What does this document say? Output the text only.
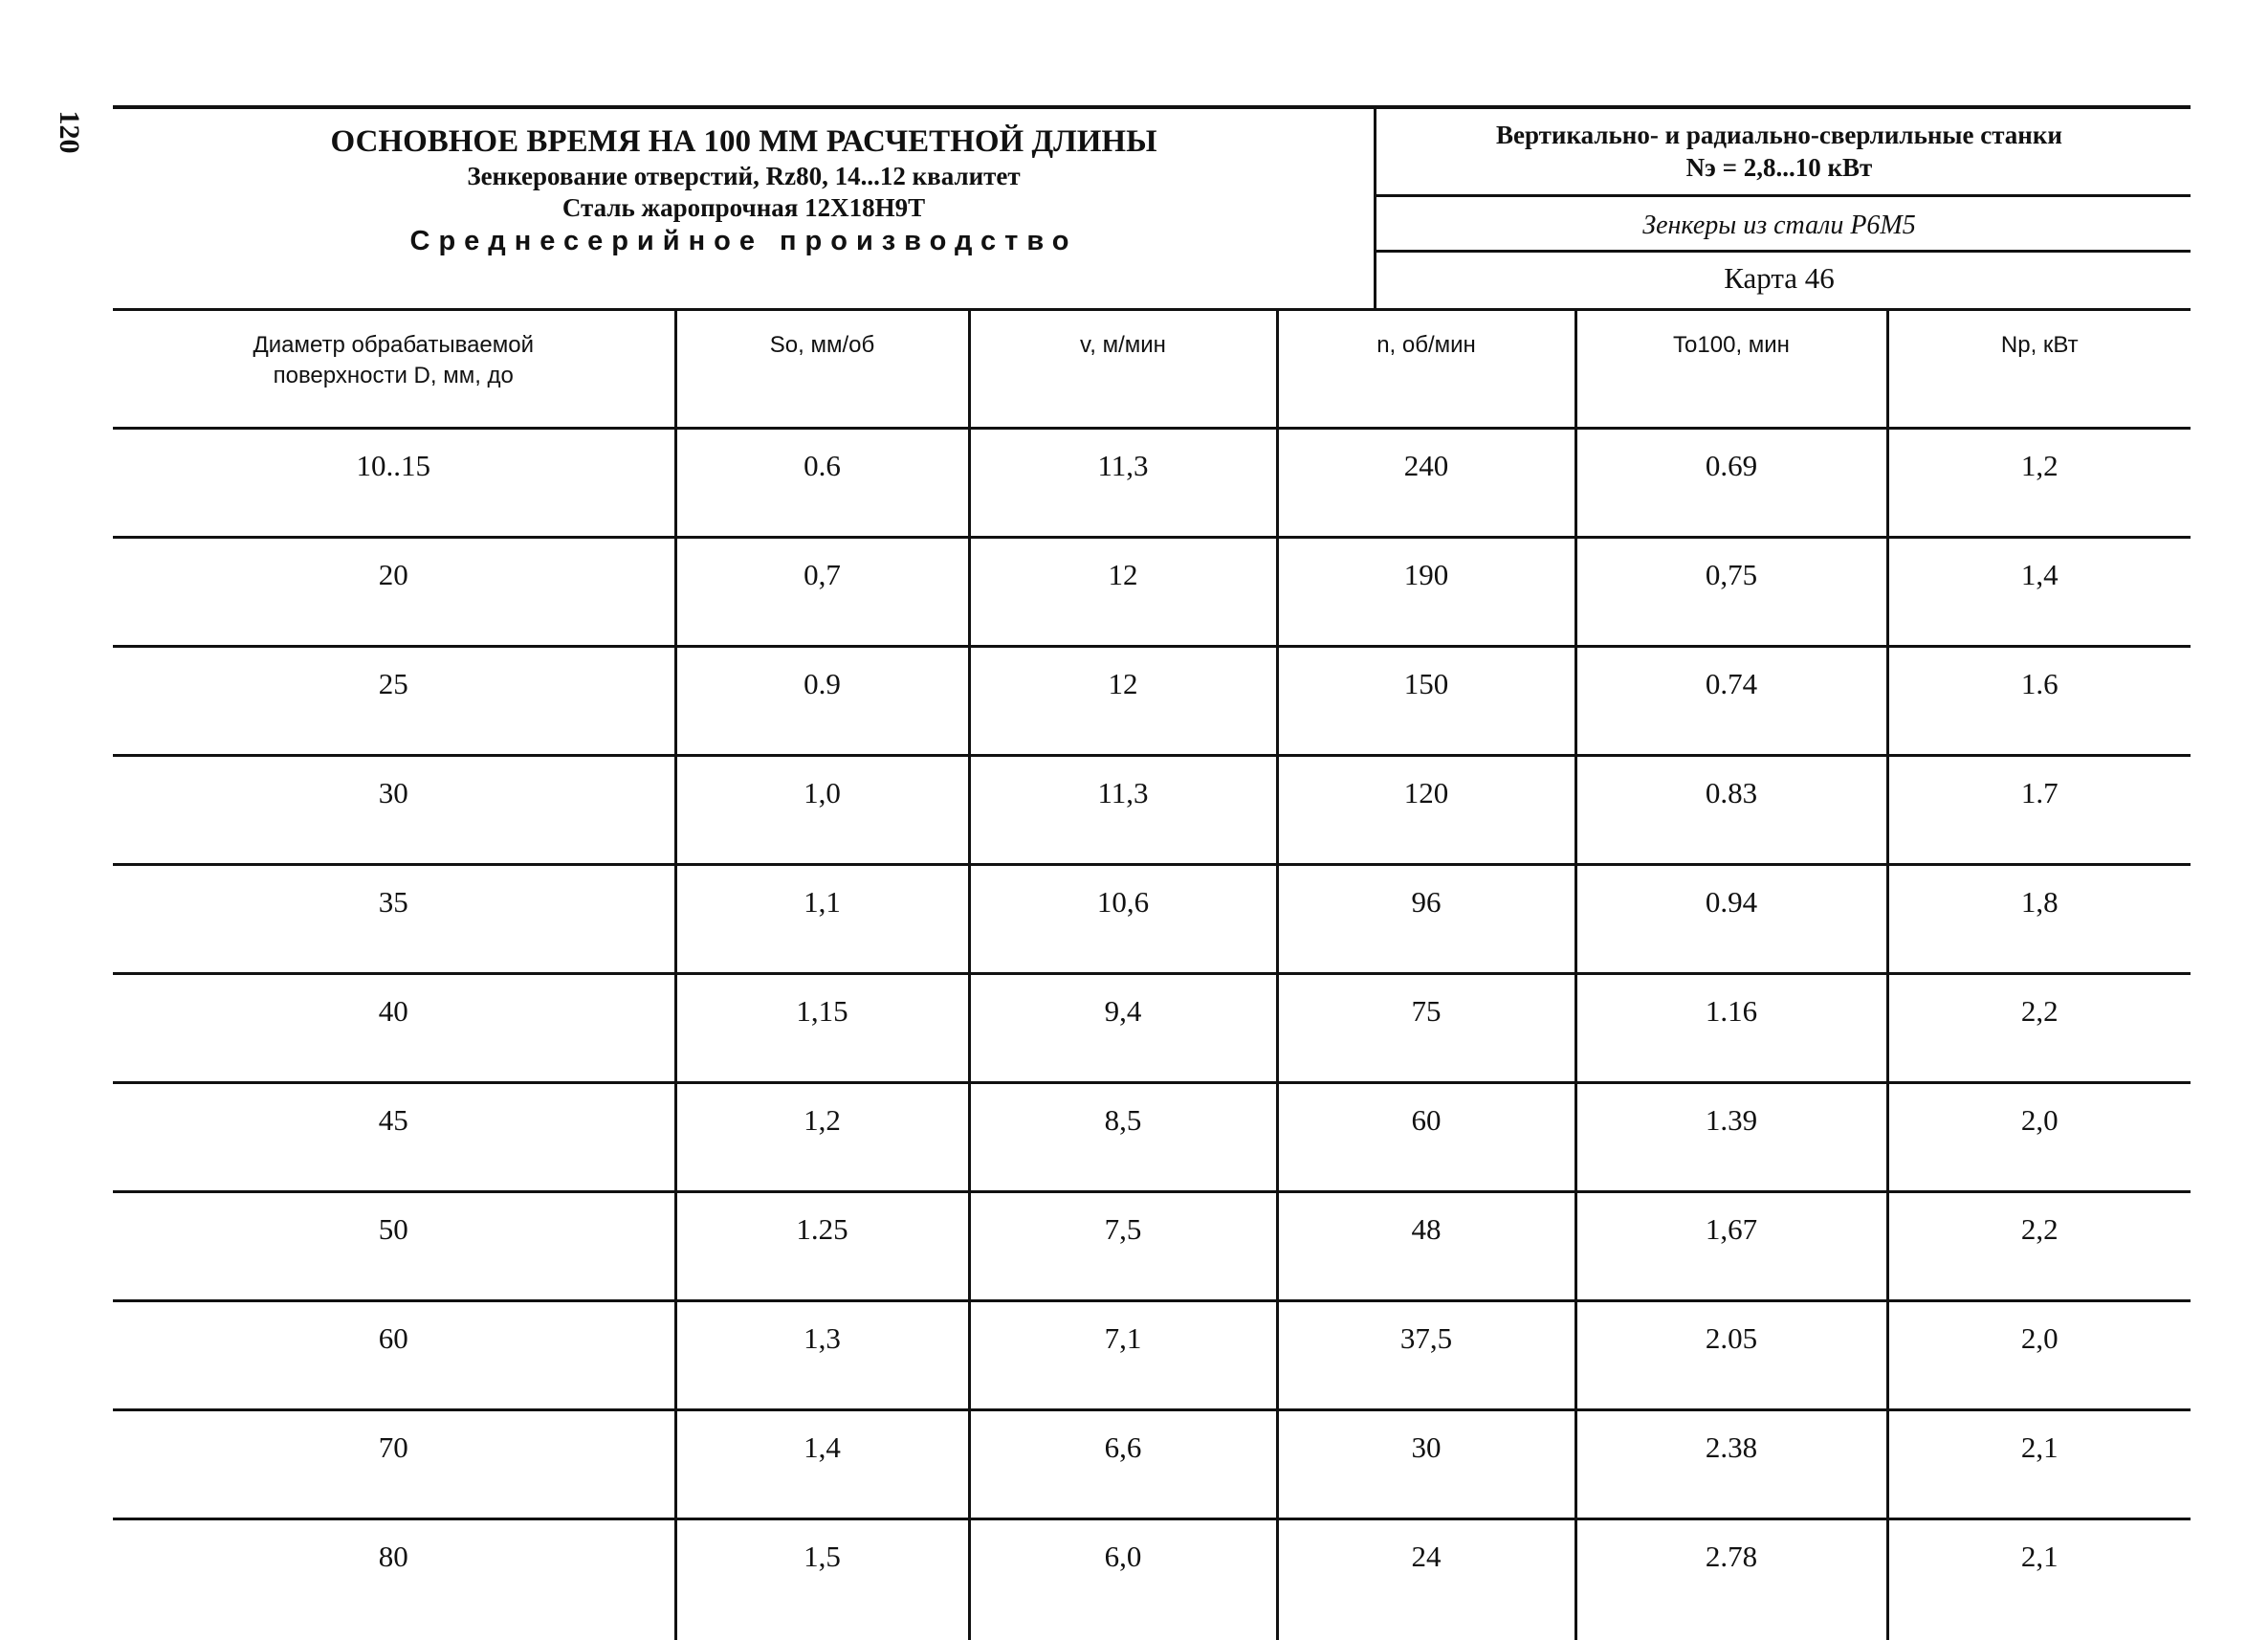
120	ОСНОВНОЕ ВРЕМЯ НА 100 ММ РАСЧЕТНОЙ ДЛИНЫ
Зенкерование отверстий, Rz80, 14...12 квалитет
Сталь жаропрочная 12Х18Н9Т
Среднесерийное производство
Вертикально- и радиально-сверлильные станки
Nэ = 2,8...10 кВт
Зенкеры из стали Р6М5
Карта 46
Диаметр обрабатываемой
поверхности D, мм, до	So, мм/об	v, м/мин	n, об/мин	To100, мин	Np, кВт
10..15	0.6	11,3	240	0.69	1,2
20	0,7	12	190	0,75	1,4
25	0.9	12	150	0.74	1.6
30	1,0	11,3	120	0.83	1.7
35	1,1	10,6	96	0.94	1,8
40	1,15	9,4	75	1.16	2,2
45	1,2	8,5	60	1.39	2,0
50	1.25	7,5	48	1,67	2,2
60	1,3	7,1	37,5	2.05	2,0
70	1,4	6,6	30	2.38	2,1
80	1,5	6,0	24	2.78	2,1
